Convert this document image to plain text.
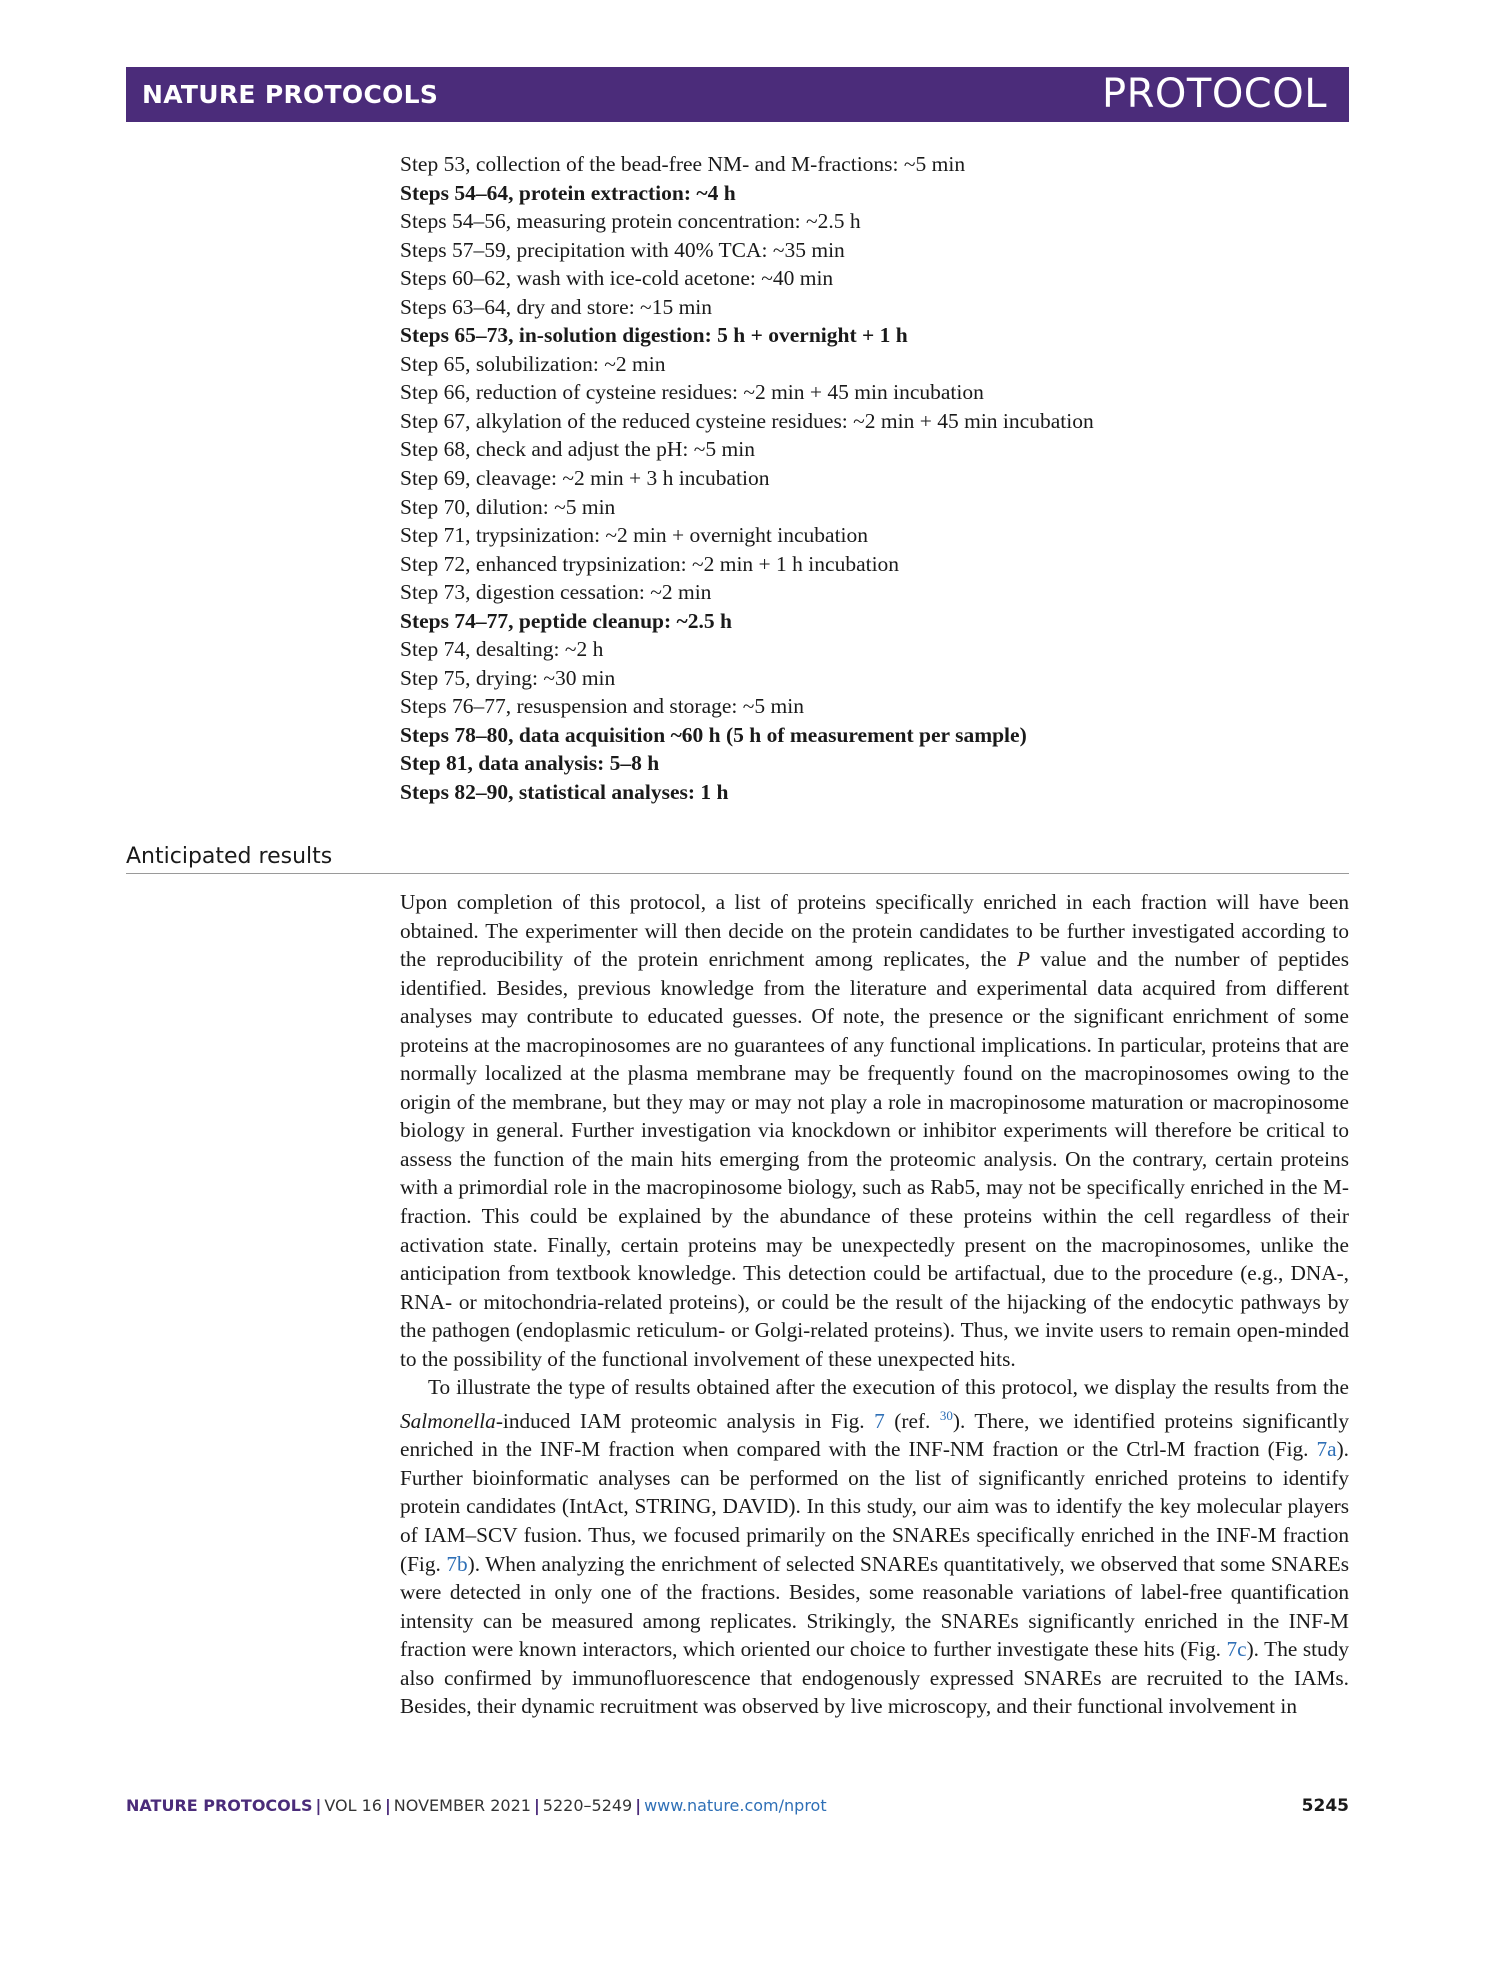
NATURE PROTOCOLS	PROTOCOL
Step 53, collection of the bead-free NM- and M-fractions: ~5 min
Steps 54–64, protein extraction: ~4 h
Steps 54–56, measuring protein concentration: ~2.5 h
Steps 57–59, precipitation with 40% TCA: ~35 min
Steps 60–62, wash with ice-cold acetone: ~40 min
Steps 63–64, dry and store: ~15 min
Steps 65–73, in-solution digestion: 5 h + overnight + 1 h
Step 65, solubilization: ~2 min
Step 66, reduction of cysteine residues: ~2 min + 45 min incubation
Step 67, alkylation of the reduced cysteine residues: ~2 min + 45 min incubation
Step 68, check and adjust the pH: ~5 min
Step 69, cleavage: ~2 min + 3 h incubation
Step 70, dilution: ~5 min
Step 71, trypsinization: ~2 min + overnight incubation
Step 72, enhanced trypsinization: ~2 min + 1 h incubation
Step 73, digestion cessation: ~2 min
Steps 74–77, peptide cleanup: ~2.5 h
Step 74, desalting: ~2 h
Step 75, drying: ~30 min
Steps 76–77, resuspension and storage: ~5 min
Steps 78–80, data acquisition ~60 h (5 h of measurement per sample)
Step 81, data analysis: 5–8 h
Steps 82–90, statistical analyses: 1 h
Anticipated results

Upon completion of this protocol, a list of proteins specifically enriched in each fraction will have been obtained. The experimenter will then decide on the protein candidates to be further investigated according to the reproducibility of the protein enrichment among replicates, the P value and the number of peptides identified. Besides, previous knowledge from the literature and experimental data acquired from different analyses may contribute to educated guesses. Of note, the presence or the significant enrichment of some proteins at the macropinosomes are no guarantees of any functional implications. In particular, proteins that are normally localized at the plasma membrane may be frequently found on the macropinosomes owing to the origin of the membrane, but they may or may not play a role in macropinosome maturation or macropinosome biology in general. Further investigation via knockdown or inhibitor experiments will therefore be critical to assess the function of the main hits emerging from the proteomic analysis. On the contrary, certain proteins with a primordial role in the macropinosome biology, such as Rab5, may not be specifically enriched in the M-fraction. This could be explained by the abundance of these proteins within the cell regardless of their activation state. Finally, certain proteins may be unexpectedly present on the macropinosomes, unlike the anticipation from textbook knowledge. This detection could be artifactual, due to the procedure (e.g., DNA-, RNA- or mitochondria-related proteins), or could be the result of the hijacking of the endocytic pathways by the pathogen (endoplasmic reticulum- or Golgi-related proteins). Thus, we invite users to remain open-minded to the possibility of the functional involvement of these unexpected hits.

To illustrate the type of results obtained after the execution of this protocol, we display the results from the Salmonella-induced IAM proteomic analysis in Fig. 7 (ref. $^{30}$). There, we identified proteins significantly enriched in the INF-M fraction when compared with the INF-NM fraction or the Ctrl-M fraction (Fig. 7a). Further bioinformatic analyses can be performed on the list of significantly enriched proteins to identify protein candidates (IntAct, STRING, DAVID). In this study, our aim was to identify the key molecular players of IAM–SCV fusion. Thus, we focused primarily on the SNAREs specifically enriched in the INF-M fraction (Fig. 7b). When analyzing the enrichment of selected SNAREs quantitatively, we observed that some SNAREs were detected in only one of the fractions. Besides, some reasonable variations of label-free quantification intensity can be measured among replicates. Strikingly, the SNAREs significantly enriched in the INF-M fraction were known interactors, which oriented our choice to further investigate these hits (Fig. 7c). The study also confirmed by immunofluorescence that endogenously expressed SNAREs are recruited to the IAMs. Besides, their dynamic recruitment was observed by live microscopy, and their functional involvement in

NATURE PROTOCOLS | VOL 16 | NOVEMBER 2021 | 5220–5249 | www.nature.com/nprot	5245
